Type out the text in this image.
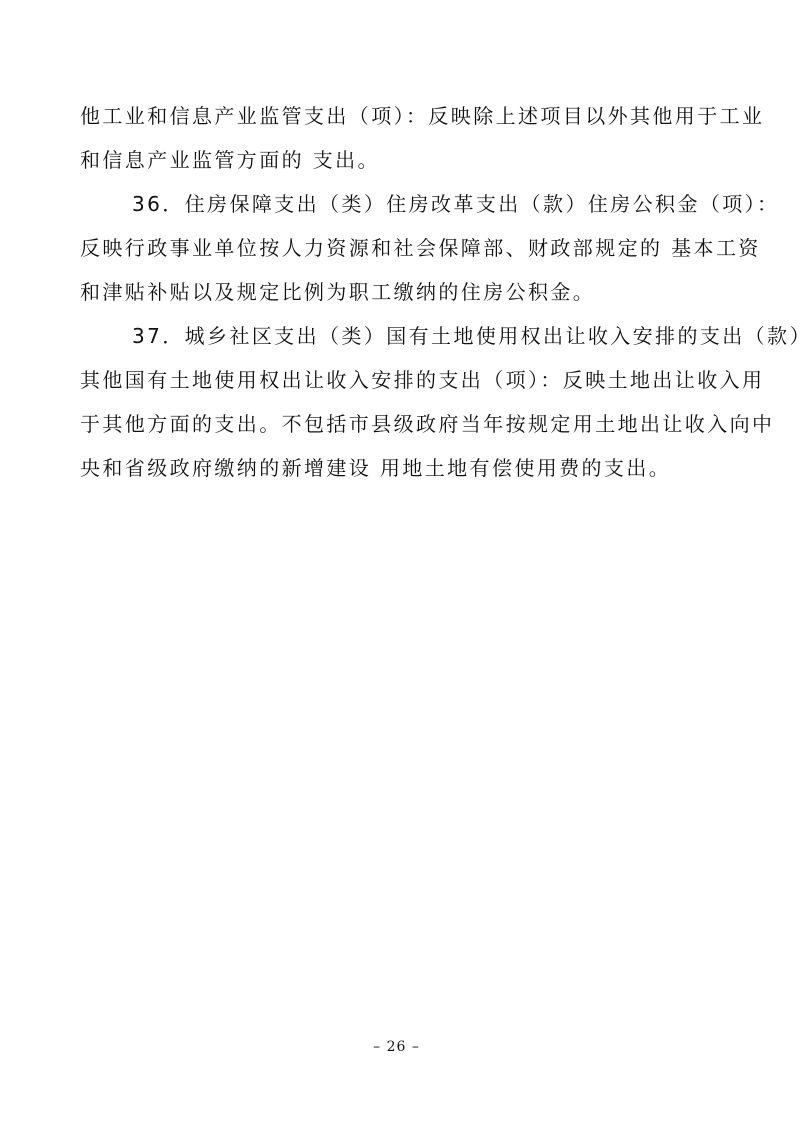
他工业和信息产业监管支出（项）：反映除上述项目以外其他用于工业
和信息产业监管方面的 支出。
36．住房保障支出（类）住房改革支出（款）住房公积金（项）：
反映行政事业单位按人力资源和社会保障部、财政部规定的 基本工资
和津贴补贴以及规定比例为职工缴纳的住房公积金。
37．城乡社区支出（类）国有土地使用权出让收入安排的支出（款）
其他国有土地使用权出让收入安排的支出（项）：反映土地出让收入用
于其他方面的支出。不包括市县级政府当年按规定用土地出让收入向中
央和省级政府缴纳的新增建设 用地土地有偿使用费的支出。
– 26 –
